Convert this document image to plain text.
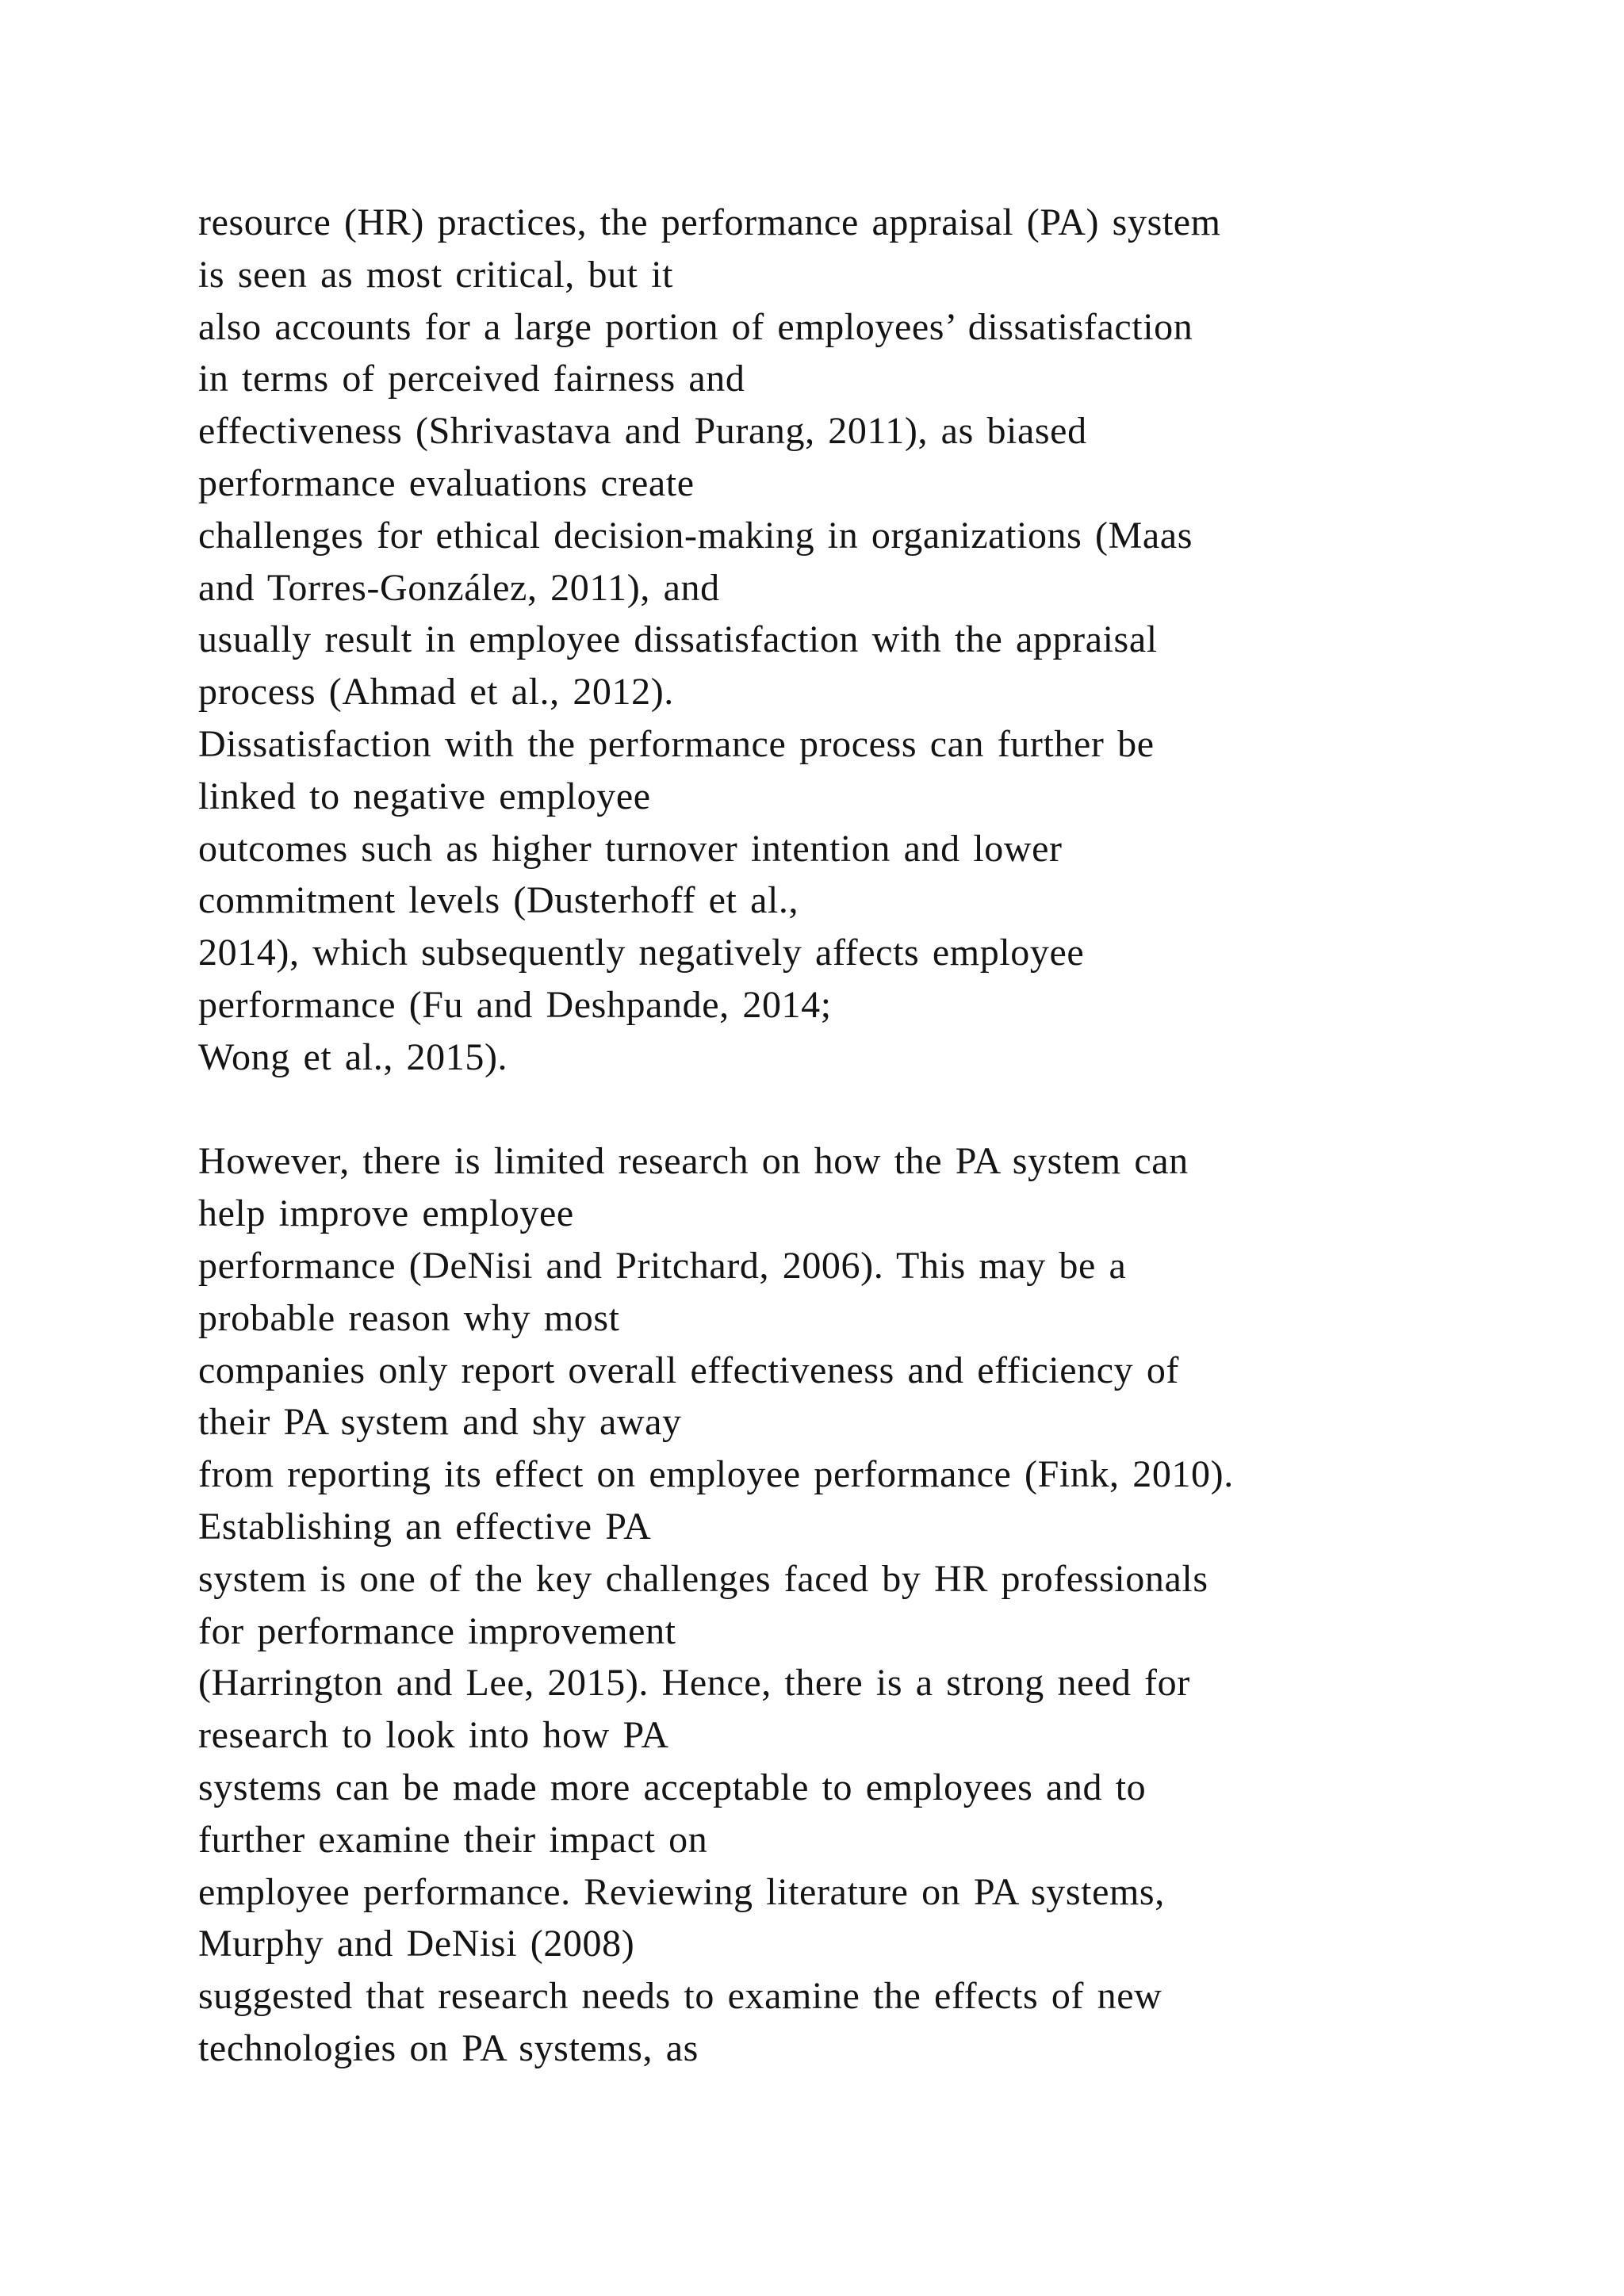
resource (HR) practices, the performance appraisal (PA) system
is seen as most critical, but it
also accounts for a large portion of employees’ dissatisfaction
in terms of perceived fairness and
effectiveness (Shrivastava and Purang, 2011), as biased
performance evaluations create
challenges for ethical decision-making in organizations (Maas
and Torres-González, 2011), and
usually result in employee dissatisfaction with the appraisal
process (Ahmad et al., 2012).
Dissatisfaction with the performance process can further be
linked to negative employee
outcomes such as higher turnover intention and lower
commitment levels (Dusterhoff et al.,
2014), which subsequently negatively affects employee
performance (Fu and Deshpande, 2014;
Wong et al., 2015).
However, there is limited research on how the PA system can
help improve employee
performance (DeNisi and Pritchard, 2006). This may be a
probable reason why most
companies only report overall effectiveness and efficiency of
their PA system and shy away
from reporting its effect on employee performance (Fink, 2010).
Establishing an effective PA
system is one of the key challenges faced by HR professionals
for performance improvement
(Harrington and Lee, 2015). Hence, there is a strong need for
research to look into how PA
systems can be made more acceptable to employees and to
further examine their impact on
employee performance. Reviewing literature on PA systems,
Murphy and DeNisi (2008)
suggested that research needs to examine the effects of new
technologies on PA systems, as
